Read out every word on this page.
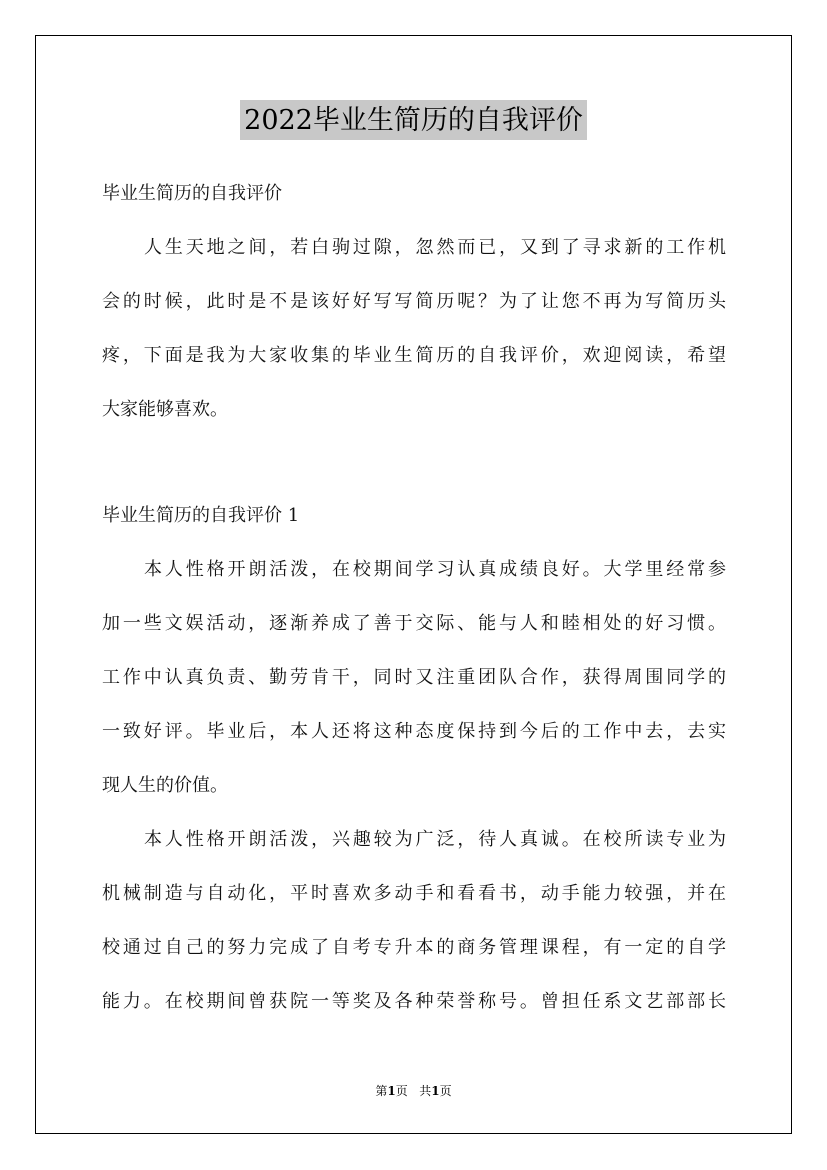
2022毕业生简历的自我评价
毕业生简历的自我评价
人生天地之间，若白驹过隙，忽然而已，又到了寻求新的工作机
会的时候，此时是不是该好好写写简历呢？为了让您不再为写简历头
疼，下面是我为大家收集的毕业生简历的自我评价，欢迎阅读，希望
大家能够喜欢。
毕业生简历的自我评价 1
本人性格开朗活泼，在校期间学习认真成绩良好。大学里经常参
加一些文娱活动，逐渐养成了善于交际、能与人和睦相处的好习惯。
工作中认真负责、勤劳肯干，同时又注重团队合作，获得周围同学的
一致好评。毕业后，本人还将这种态度保持到今后的工作中去，去实
现人生的价值。
本人性格开朗活泼，兴趣较为广泛，待人真诚。在校所读专业为
机械制造与自动化，平时喜欢多动手和看看书，动手能力较强，并在
校通过自己的努力完成了自考专升本的商务管理课程，有一定的自学
能力。在校期间曾获院一等奖及各种荣誉称号。曾担任系文艺部部长
第1页   共1页
